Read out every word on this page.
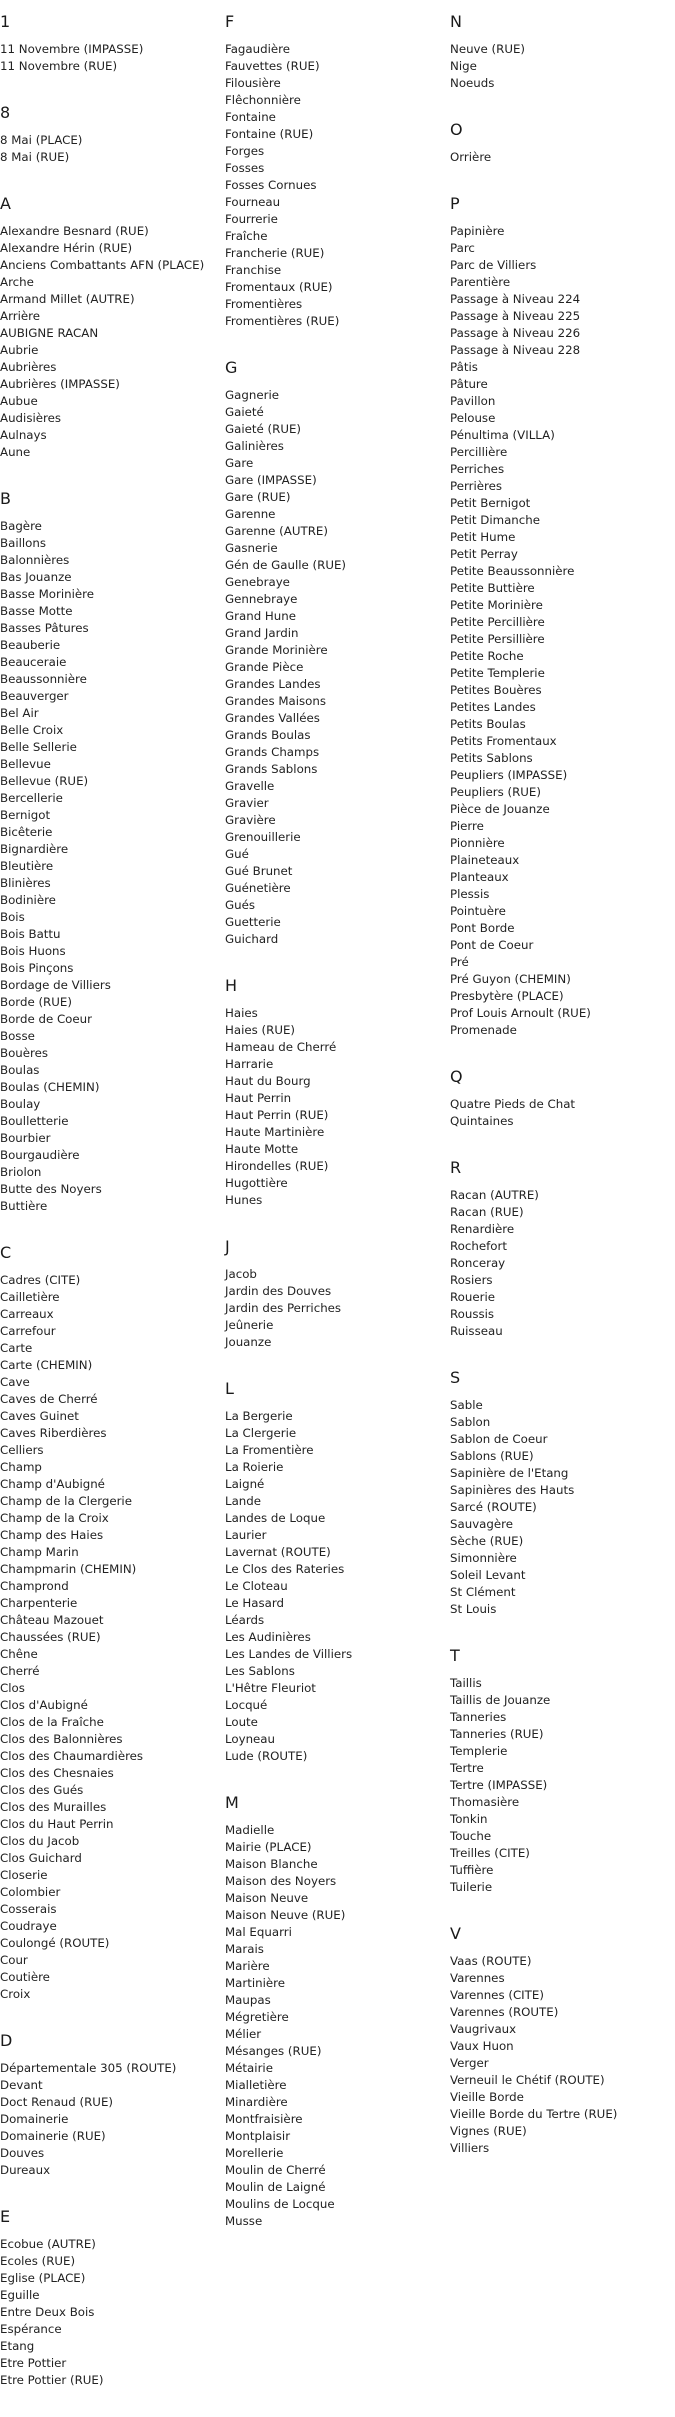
1
11 Novembre (IMPASSE)
11 Novembre (RUE)
8
8 Mai (PLACE)
8 Mai (RUE)
A
Alexandre Besnard (RUE)
Alexandre Hérin (RUE)
Anciens Combattants AFN (PLACE)
Arche
Armand Millet (AUTRE)
Arrière
AUBIGNE RACAN
Aubrie
Aubrières
Aubrières (IMPASSE)
Aubue
Audisières
Aulnays
Aune
B
Bagère
Baillons
Balonnières
Bas Jouanze
Basse Morinière
Basse Motte
Basses Pâtures
Beauberie
Beauceraie
Beaussonnière
Beauverger
Bel Air
Belle Croix
Belle Sellerie
Bellevue
Bellevue (RUE)
Bercellerie
Bernigot
Bicêterie
Bignardière
Bleutière
Blinières
Bodinière
Bois
Bois Battu
Bois Huons
Bois Pinçons
Bordage de Villiers
Borde (RUE)
Borde de Coeur
Bosse
Bouères
Boulas
Boulas (CHEMIN)
Boulay
Boulletterie
Bourbier
Bourgaudière
Briolon
Butte des Noyers
Buttière
C
Cadres (CITE)
Cailletière
Carreaux
Carrefour
Carte
Carte (CHEMIN)
Cave
Caves de Cherré
Caves Guinet
Caves Riberdières
Celliers
Champ
Champ d'Aubigné
Champ de la Clergerie
Champ de la Croix
Champ des Haies
Champ Marin
Champmarin (CHEMIN)
Champrond
Charpenterie
Château Mazouet
Chaussées (RUE)
Chêne
Cherré
Clos
Clos d'Aubigné
Clos de la Fraîche
Clos des Balonnières
Clos des Chaumardières
Clos des Chesnaies
Clos des Gués
Clos des Murailles
Clos du Haut Perrin
Clos du Jacob
Clos Guichard
Closerie
Colombier
Cosserais
Coudraye
Coulongé (ROUTE)
Cour
Coutière
Croix
D
Départementale 305 (ROUTE)
Devant
Doct Renaud (RUE)
Domainerie
Domainerie (RUE)
Douves
Dureaux
E
Ecobue (AUTRE)
Ecoles (RUE)
Eglise (PLACE)
Eguille
Entre Deux Bois
Espérance
Etang
Etre Pottier
Etre Pottier (RUE)
F
Fagaudière
Fauvettes (RUE)
Filousière
Flêchonnière
Fontaine
Fontaine (RUE)
Forges
Fosses
Fosses Cornues
Fourneau
Fourrerie
Fraîche
Francherie (RUE)
Franchise
Fromentaux (RUE)
Fromentières
Fromentières (RUE)
G
Gagnerie
Gaieté
Gaieté (RUE)
Galinières
Gare
Gare (IMPASSE)
Gare (RUE)
Garenne
Garenne (AUTRE)
Gasnerie
Gén de Gaulle (RUE)
Genebraye
Gennebraye
Grand Hune
Grand Jardin
Grande Morinière
Grande Pièce
Grandes Landes
Grandes Maisons
Grandes Vallées
Grands Boulas
Grands Champs
Grands Sablons
Gravelle
Gravier
Gravière
Grenouillerie
Gué
Gué Brunet
Guénetière
Gués
Guetterie
Guichard
H
Haies
Haies (RUE)
Hameau de Cherré
Harrarie
Haut du Bourg
Haut Perrin
Haut Perrin (RUE)
Haute Martinière
Haute Motte
Hirondelles (RUE)
Hugottière
Hunes
J
Jacob
Jardin des Douves
Jardin des Perriches
Jeûnerie
Jouanze
L
La Bergerie
La Clergerie
La Fromentière
La Roierie
Laigné
Lande
Landes de Loque
Laurier
Lavernat (ROUTE)
Le Clos des Rateries
Le Cloteau
Le Hasard
Léards
Les Audinières
Les Landes de Villiers
Les Sablons
L'Hêtre Fleuriot
Locqué
Loute
Loyneau
Lude (ROUTE)
M
Madielle
Mairie (PLACE)
Maison Blanche
Maison des Noyers
Maison Neuve
Maison Neuve (RUE)
Mal Equarri
Marais
Marière
Martinière
Maupas
Mégretière
Mélier
Mésanges (RUE)
Métairie
Mialletière
Minardière
Montfraisière
Montplaisir
Morellerie
Moulin de Cherré
Moulin de Laigné
Moulins de Locque
Musse
N
Neuve (RUE)
Nige
Noeuds
O
Orrière
P
Papinière
Parc
Parc de Villiers
Parentière
Passage à Niveau 224
Passage à Niveau 225
Passage à Niveau 226
Passage à Niveau 228
Pâtis
Pâture
Pavillon
Pelouse
Pénultima (VILLA)
Percillière
Perriches
Perrières
Petit Bernigot
Petit Dimanche
Petit Hume
Petit Perray
Petite Beaussonnière
Petite Buttière
Petite Morinière
Petite Percillière
Petite Persillière
Petite Roche
Petite Templerie
Petites Bouères
Petites Landes
Petits Boulas
Petits Fromentaux
Petits Sablons
Peupliers (IMPASSE)
Peupliers (RUE)
Pièce de Jouanze
Pierre
Pionnière
Plaineteaux
Planteaux
Plessis
Pointuère
Pont Borde
Pont de Coeur
Pré
Pré Guyon (CHEMIN)
Presbytère (PLACE)
Prof Louis Arnoult (RUE)
Promenade
Q
Quatre Pieds de Chat
Quintaines
R
Racan (AUTRE)
Racan (RUE)
Renardière
Rochefort
Ronceray
Rosiers
Rouerie
Roussis
Ruisseau
S
Sable
Sablon
Sablon de Coeur
Sablons (RUE)
Sapinière de l'Etang
Sapinières des Hauts
Sarcé (ROUTE)
Sauvagère
Sèche (RUE)
Simonnière
Soleil Levant
St Clément
St Louis
T
Taillis
Taillis de Jouanze
Tanneries
Tanneries (RUE)
Templerie
Tertre
Tertre (IMPASSE)
Thomasière
Tonkin
Touche
Treilles (CITE)
Tuffière
Tuilerie
V
Vaas (ROUTE)
Varennes
Varennes (CITE)
Varennes (ROUTE)
Vaugrivaux
Vaux Huon
Verger
Verneuil le Chétif (ROUTE)
Vieille Borde
Vieille Borde du Tertre (RUE)
Vignes (RUE)
Villiers
